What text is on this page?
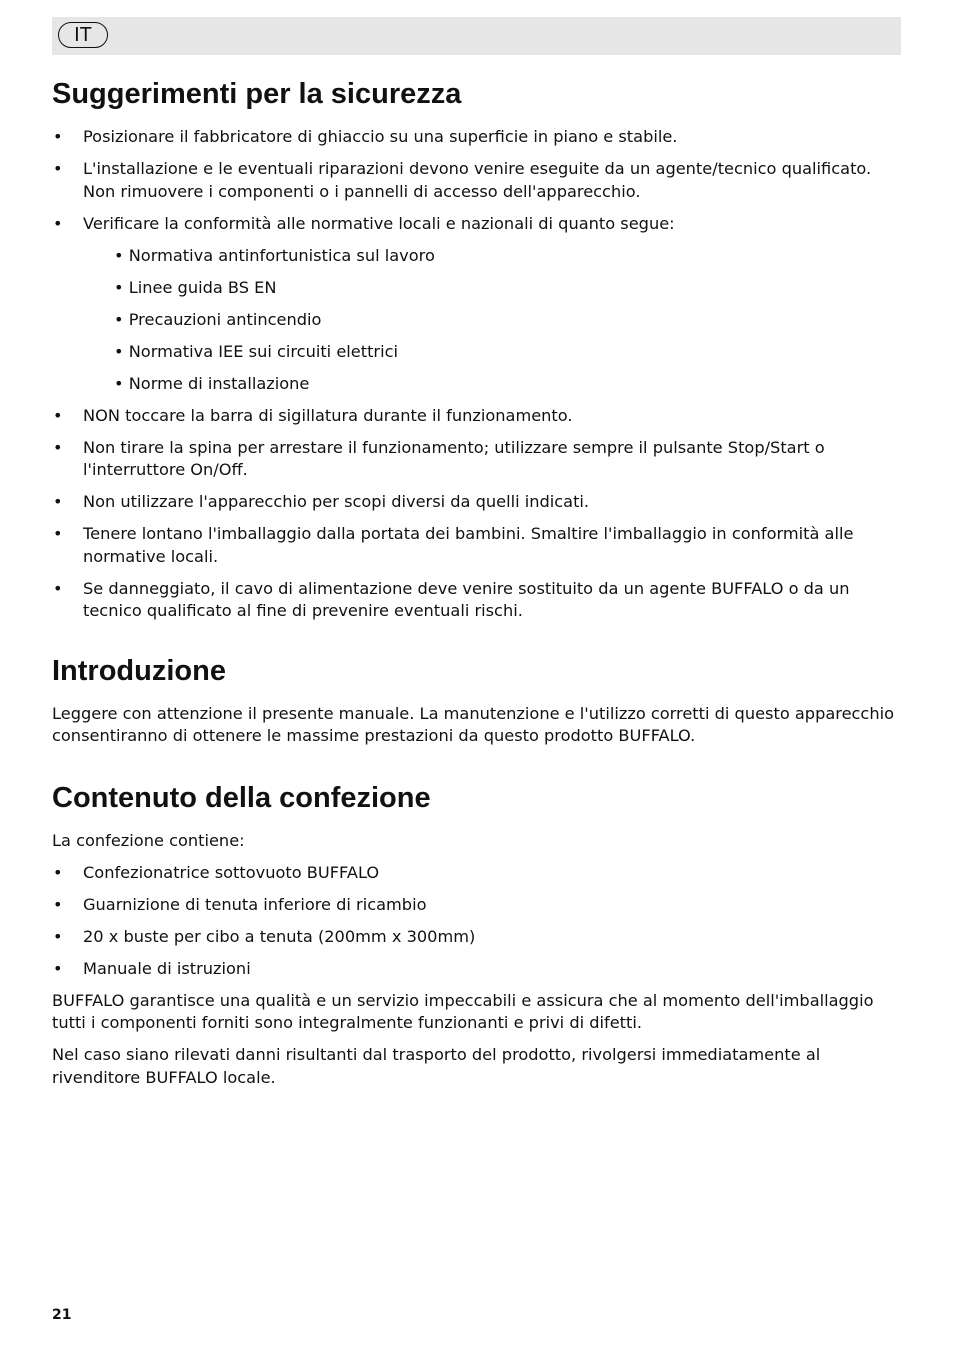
IT
Suggerimenti per la sicurezza
• Posizionare il fabbricatore di ghiaccio su una superficie in piano e stabile.
• L'installazione e le eventuali riparazioni devono venire eseguite da un agente/tecnico qualificato. Non rimuovere i componenti o i pannelli di accesso dell'apparecchio.
• Verificare la conformità alle normative locali e nazionali di quanto segue:
• Normativa antinfortunistica sul lavoro
• Linee guida BS EN
• Precauzioni antincendio
• Normativa IEE sui circuiti elettrici
• Norme di installazione
• NON toccare la barra di sigillatura durante il funzionamento.
• Non tirare la spina per arrestare il funzionamento; utilizzare sempre il pulsante Stop/Start o l'interruttore On/Off.
• Non utilizzare l'apparecchio per scopi diversi da quelli indicati.
• Tenere lontano l'imballaggio dalla portata dei bambini. Smaltire l'imballaggio in conformità alle normative locali.
• Se danneggiato, il cavo di alimentazione deve venire sostituito da un agente BUFFALO o da un tecnico qualificato al fine di prevenire eventuali rischi.
Introduzione

Leggere con attenzione il presente manuale. La manutenzione e l'utilizzo corretti di questo apparecchio consentiranno di ottenere le massime prestazioni da questo prodotto BUFFALO.

Contenuto della confezione

La confezione contiene:

• Confezionatrice sottovuoto BUFFALO
• Guarnizione di tenuta inferiore di ricambio
• 20 x buste per cibo a tenuta (200mm x 300mm)
• Manuale di istruzioni

BUFFALO garantisce una qualità e un servizio impeccabili e assicura che al momento dell'imballaggio tutti i componenti forniti sono integralmente funzionanti e privi di difetti.

Nel caso siano rilevati danni risultanti dal trasporto del prodotto, rivolgersi immediatamente al rivenditore BUFFALO locale.

21
